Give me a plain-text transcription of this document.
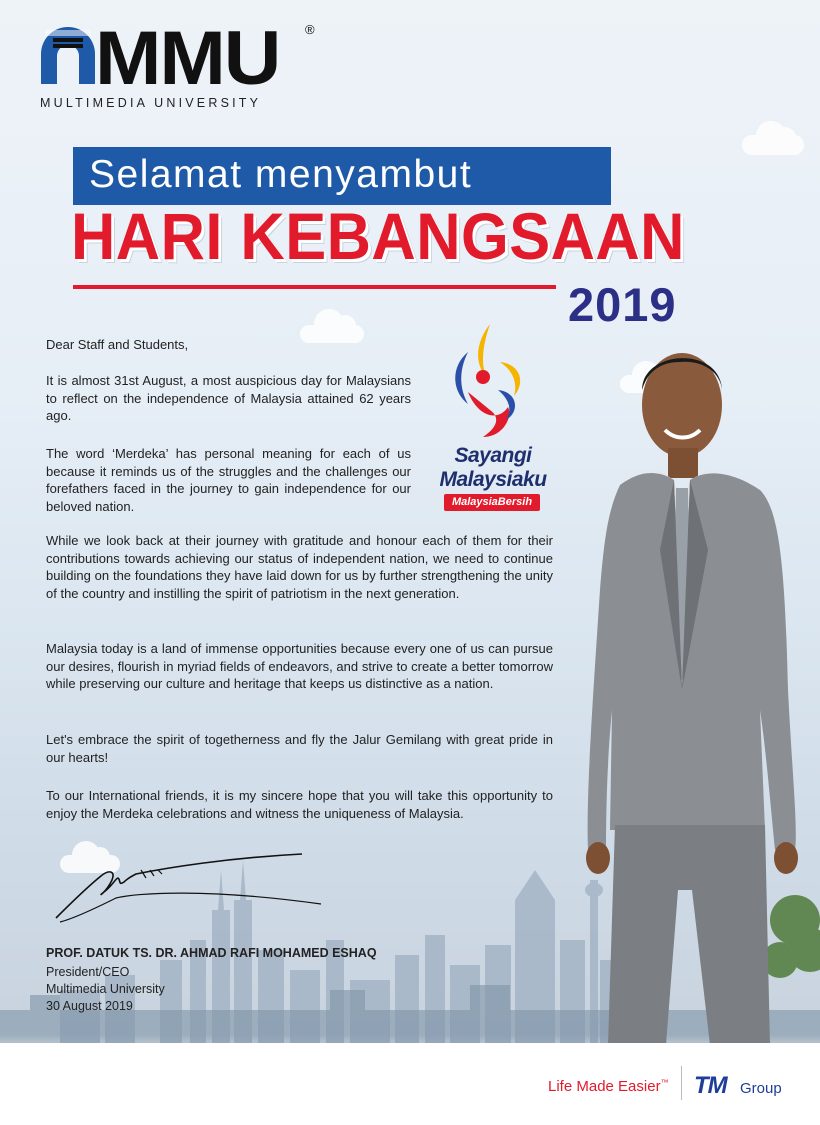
MMU ®
MULTIMEDIA UNIVERSITY
Selamat menyambut
HARI KEBANGSAAN
2019
Sayangi
Malaysiaku
MalaysiaBersih

Dear Staff and Students,

It is almost 31st August, a most auspicious day for Malaysians to reflect on the independence of Malaysia attained 62 years ago.

The word ‘Merdeka’ has personal meaning for each of us because it reminds us of the struggles and the challenges our forefathers faced in the journey to gain independence for our beloved nation.

While we look back at their journey with gratitude and honour each of them for their contributions towards achieving our status of independent nation, we need to continue building on the foundations they have laid down for us by further strengthening the unity of the country and instilling the spirit of patriotism in the next generation.

Malaysia today is a land of immense opportunities because every one of us can pursue our desires, flourish in myriad fields of endeavors, and strive to create a better tomorrow while preserving our culture and heritage that keeps us distinctive as a nation.

Let's embrace the spirit of togetherness and fly the Jalur Gemilang with great pride in our hearts!

To our International friends, it is my sincere hope that you will take this opportunity to enjoy the Merdeka celebrations and witness the uniqueness of Malaysia.

PROF. DATUK TS. DR. AHMAD RAFI MOHAMED ESHAQ
President/CEO
Multimedia University
30 August 2019
Life Made Easier™ TM Group
